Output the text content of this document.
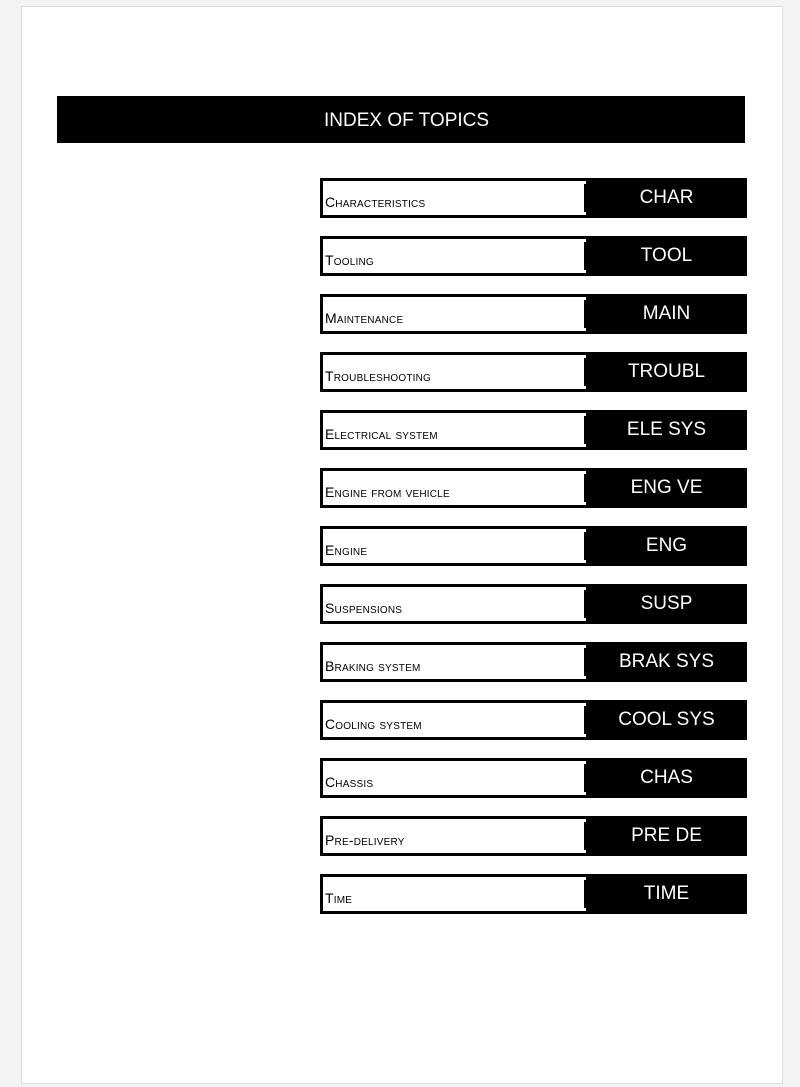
INDEX OF TOPICS
Characteristics	CHAR
Tooling	TOOL
Maintenance	MAIN
Troubleshooting	TROUBL
Electrical system	ELE SYS
Engine from vehicle	ENG VE
Engine	ENG
Suspensions	SUSP
Braking system	BRAK SYS
Cooling system	COOL SYS
Chassis	CHAS
Pre-delivery	PRE DE
Time	TIME
